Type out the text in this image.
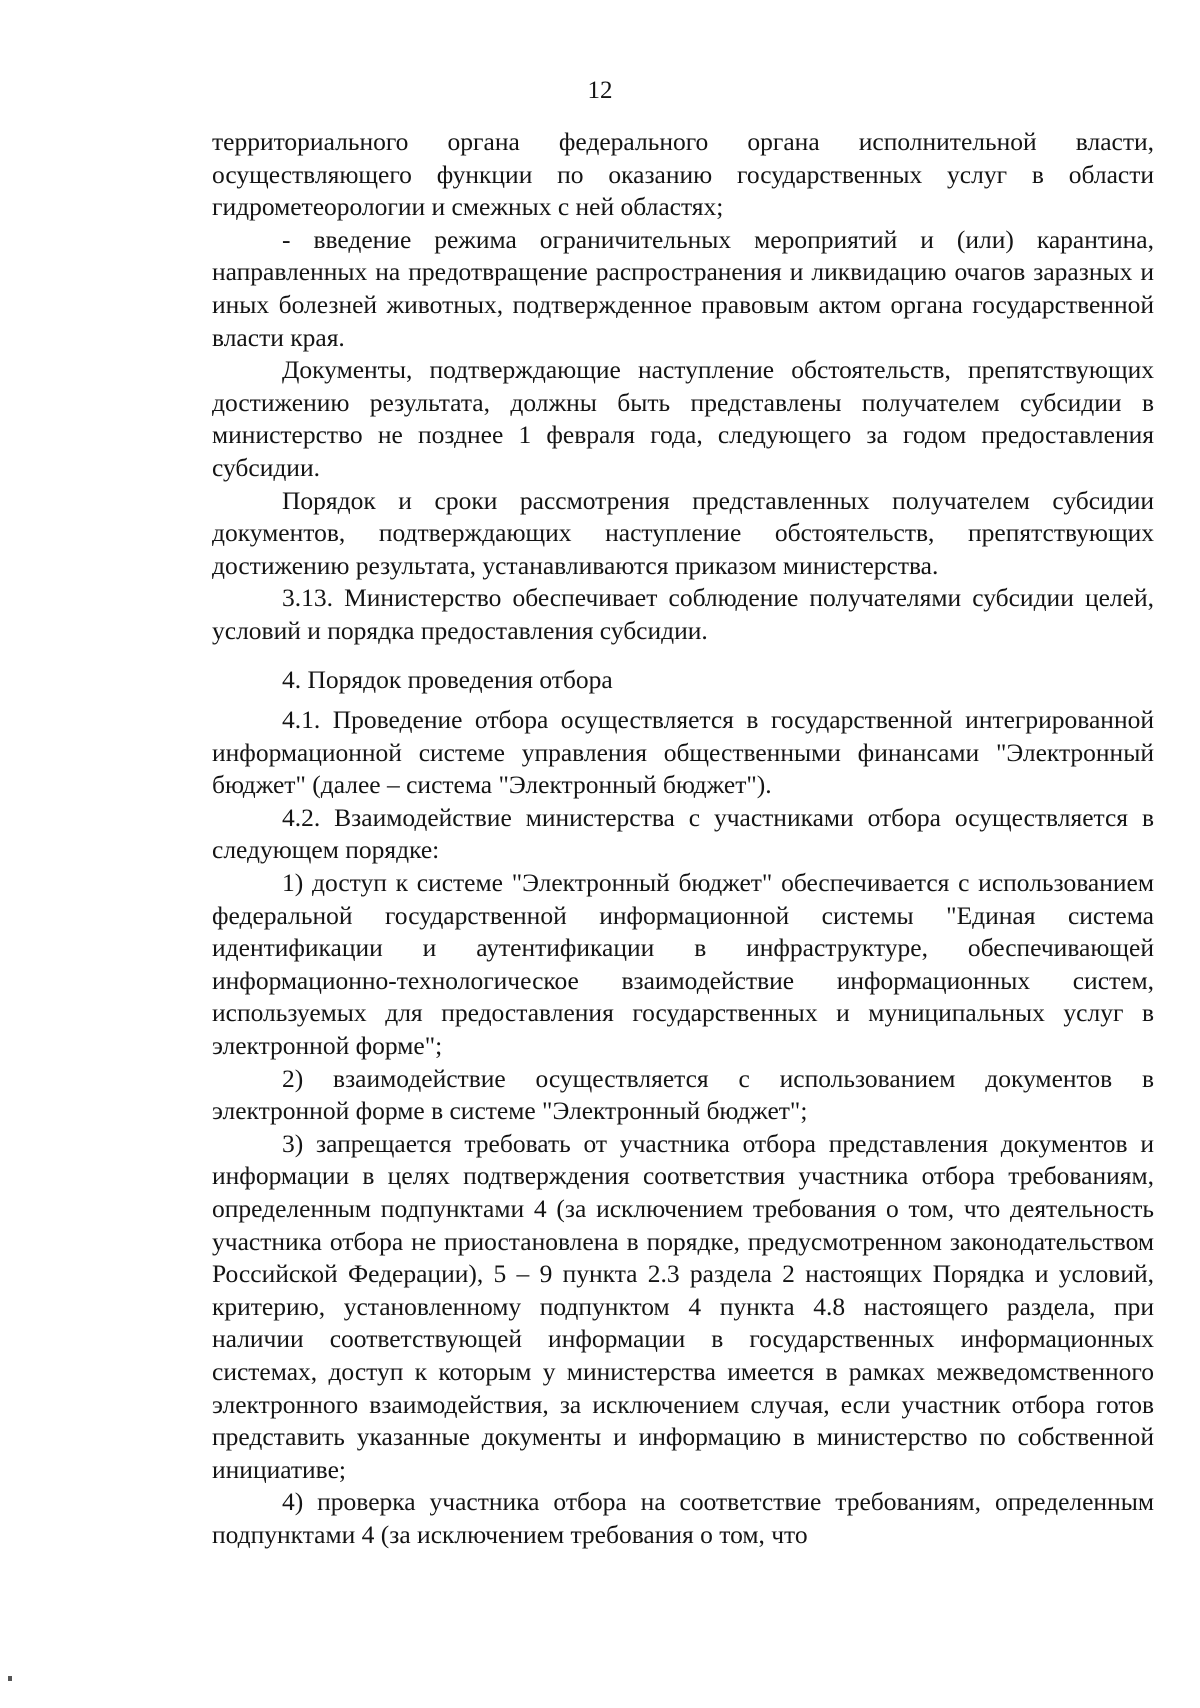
12

территориального органа федерального органа исполнительной власти, осуществляющего функции по оказанию государственных услуг в области гидрометеорологии и смежных с ней областях;

- введение режима ограничительных мероприятий и (или) карантина, направленных на предотвращение распространения и ликвидацию очагов заразных и иных болезней животных, подтвержденное правовым актом органа государственной власти края.

Документы, подтверждающие наступление обстоятельств, препятствующих достижению результата, должны быть представлены получателем субсидии в министерство не позднее 1 февраля года, следующего за годом предоставления субсидии.

Порядок и сроки рассмотрения представленных получателем субсидии документов, подтверждающих наступление обстоятельств, препятствующих достижению результата, устанавливаются приказом министерства.

3.13. Министерство обеспечивает соблюдение получателями субсидии целей, условий и порядка предоставления субсидии.

4. Порядок проведения отбора

4.1. Проведение отбора осуществляется в государственной интегрированной информационной системе управления общественными финансами "Электронный бюджет" (далее – система "Электронный бюджет").

4.2. Взаимодействие министерства с участниками отбора осуществляется в следующем порядке:

1) доступ к системе "Электронный бюджет" обеспечивается с использованием федеральной государственной информационной системы "Единая система идентификации и аутентификации в инфраструктуре, обеспечивающей информационно-технологическое взаимодействие информационных систем, используемых для предоставления государственных и муниципальных услуг в электронной форме";

2) взаимодействие осуществляется с использованием документов в электронной форме в системе "Электронный бюджет";

3) запрещается требовать от участника отбора представления документов и информации в целях подтверждения соответствия участника отбора требованиям, определенным подпунктами 4 (за исключением требования о том, что деятельность участника отбора не приостановлена в порядке, предусмотренном законодательством Российской Федерации), 5 – 9 пункта 2.3 раздела 2 настоящих Порядка и условий, критерию, установленному подпунктом 4 пункта 4.8 настоящего раздела, при наличии соответствующей информации в государственных информационных системах, доступ к которым у министерства имеется в рамках межведомственного электронного взаимодействия, за исключением случая, если участник отбора готов представить указанные документы и информацию в министерство по собственной инициативе;

4) проверка участника отбора на соответствие требованиям, определенным подпунктами 4 (за исключением требования о том, что
